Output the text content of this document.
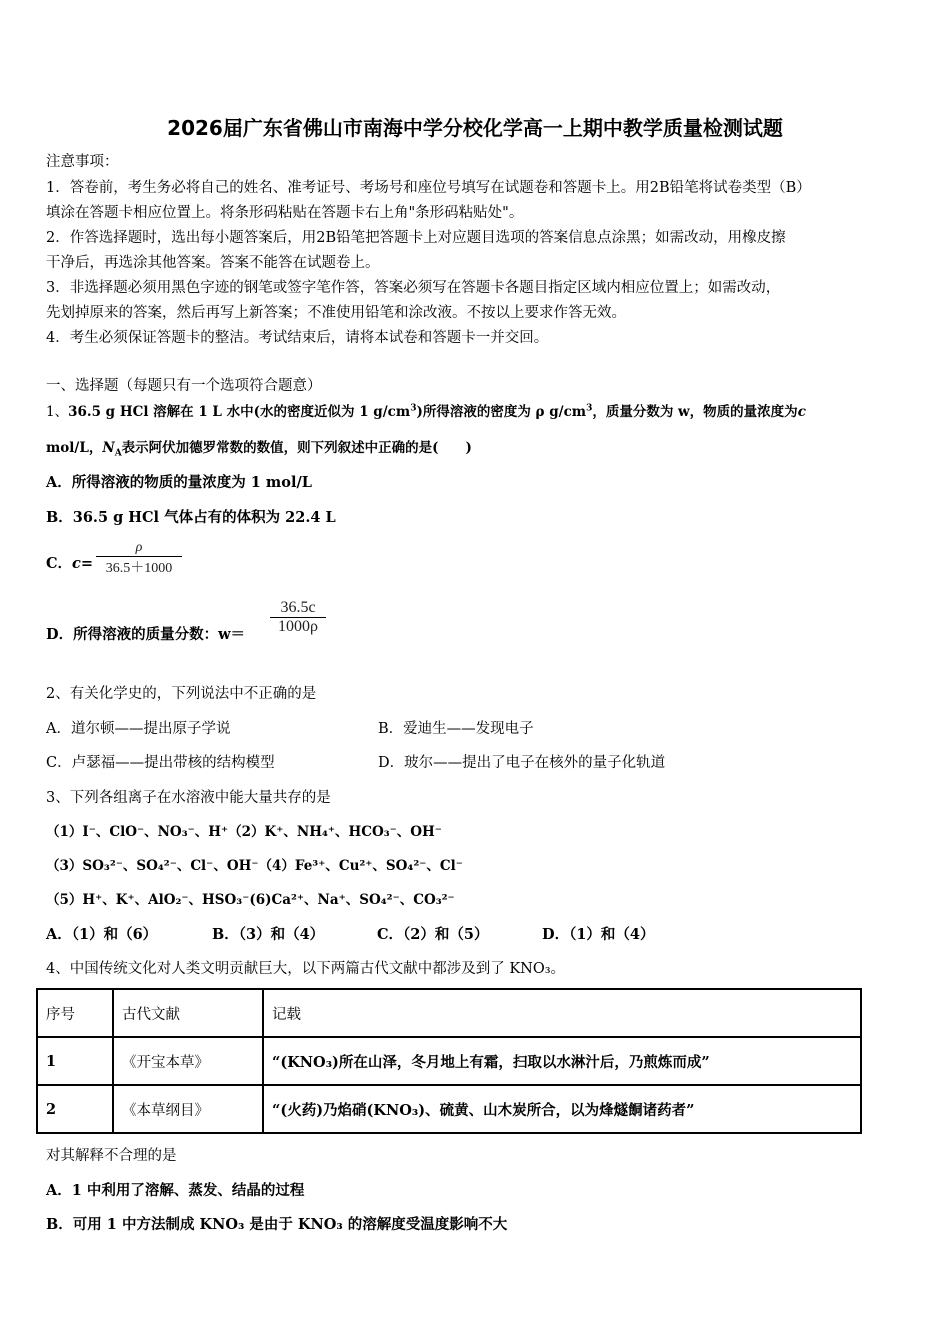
2026届广东省佛山市南海中学分校化学高一上期中教学质量检测试题
注意事项：
1．答卷前，考生务必将自己的姓名、准考证号、考场号和座位号填写在试题卷和答题卡上。用2B铅笔将试卷类型（B）
填涂在答题卡相应位置上。将条形码粘贴在答题卡右上角"条形码粘贴处"。
2．作答选择题时，选出每小题答案后，用2B铅笔把答题卡上对应题目选项的答案信息点涂黑；如需改动，用橡皮擦
干净后，再选涂其他答案。答案不能答在试题卷上。
3．非选择题必须用黑色字迹的钢笔或签字笔作答，答案必须写在答题卡各题目指定区域内相应位置上；如需改动，
先划掉原来的答案，然后再写上新答案；不准使用铅笔和涂改液。不按以上要求作答无效。
4．考生必须保证答题卡的整洁。考试结束后，请将本试卷和答题卡一并交回。
一、选择题（每题只有一个选项符合题意）
1、36.5 g HCl 溶解在 1 L 水中(水的密度近似为 1 $g/cm^3$)所得溶液的密度为 ρ $g/cm^3$，质量分数为 w，物质的量浓度为c
mol/L，$N_A$表示阿伏加德罗常数的数值，则下列叙述中正确的是(　　)
A．所得溶液的物质的量浓度为 1 mol/L
B．36.5 g HCl 气体占有的体积为 22.4 L
C．c=
ρ
36.5＋1000
D．所得溶液的质量分数：w＝
36.5c
1000ρ
2、有关化学史的，下列说法中不正确的是
A．道尔顿——提出原子学说	B．爱迪生——发现电子
C．卢瑟福——提出带核的结构模型	D．玻尔——提出了电子在核外的量子化轨道
3、下列各组离子在水溶液中能大量共存的是
（1）I⁻、ClO⁻、NO₃⁻、H⁺（2）K⁺、NH₄⁺、HCO₃⁻、OH⁻
（3）SO₃²⁻、SO₄²⁻、Cl⁻、OH⁻（4）Fe³⁺、Cu²⁺、SO₄²⁻、Cl⁻
（5）H⁺、K⁺、AlO₂⁻、HSO₃⁻(6)Ca²⁺、Na⁺、SO₄²⁻、CO₃²⁻
A．（1）和（6）	B．（3）和（4）	C．（2）和（5）	D．（1）和（4）
4、中国传统文化对人类文明贡献巨大，以下两篇古代文献中都涉及到了 KNO₃。
序号	古代文献	记载
1	《开宝本草》	“(KNO₃)所在山泽，冬月地上有霜，扫取以水淋汁后，乃煎炼而成”
2	《本草纲目》	“(火药)乃焰硝(KNO₃)、硫黄、山木炭所合，以为烽燧餇诸药者”
对其解释不合理的是
A．1 中利用了溶解、蒸发、结晶的过程
B．可用 1 中方法制成 KNO₃ 是由于 KNO₃ 的溶解度受温度影响不大
